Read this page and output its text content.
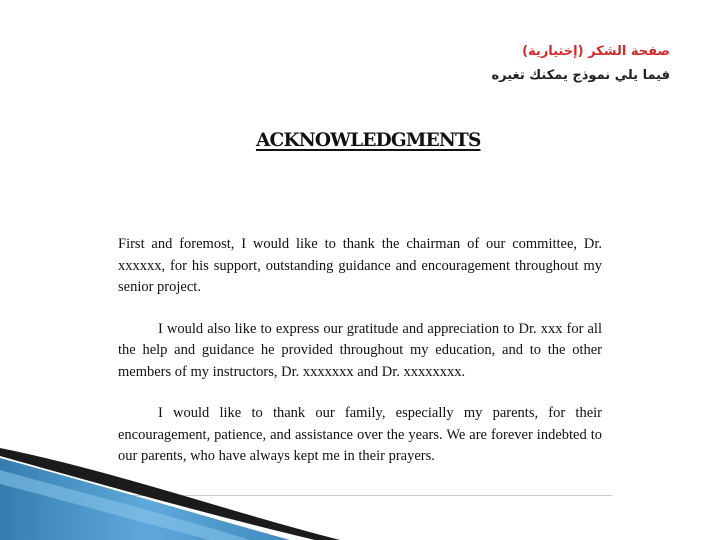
صفحة الشكر (إختيارية)
فيما يلي نموذج يمكنك تغيره
ACKNOWLEDGMENTS

First and foremost, I would like to thank the chairman of our committee, Dr. xxxxxx, for his support, outstanding guidance and encouragement throughout my senior project.

I would also like to express our gratitude and appreciation to Dr. xxx for all the help and guidance he provided throughout my education, and to the other members of my instructors, Dr. xxxxxxx and Dr. xxxxxxxx.

I would like to thank our family, especially my parents, for their encouragement, patience, and assistance over the years. We are forever indebted to our parents, who have always kept me in their prayers.
